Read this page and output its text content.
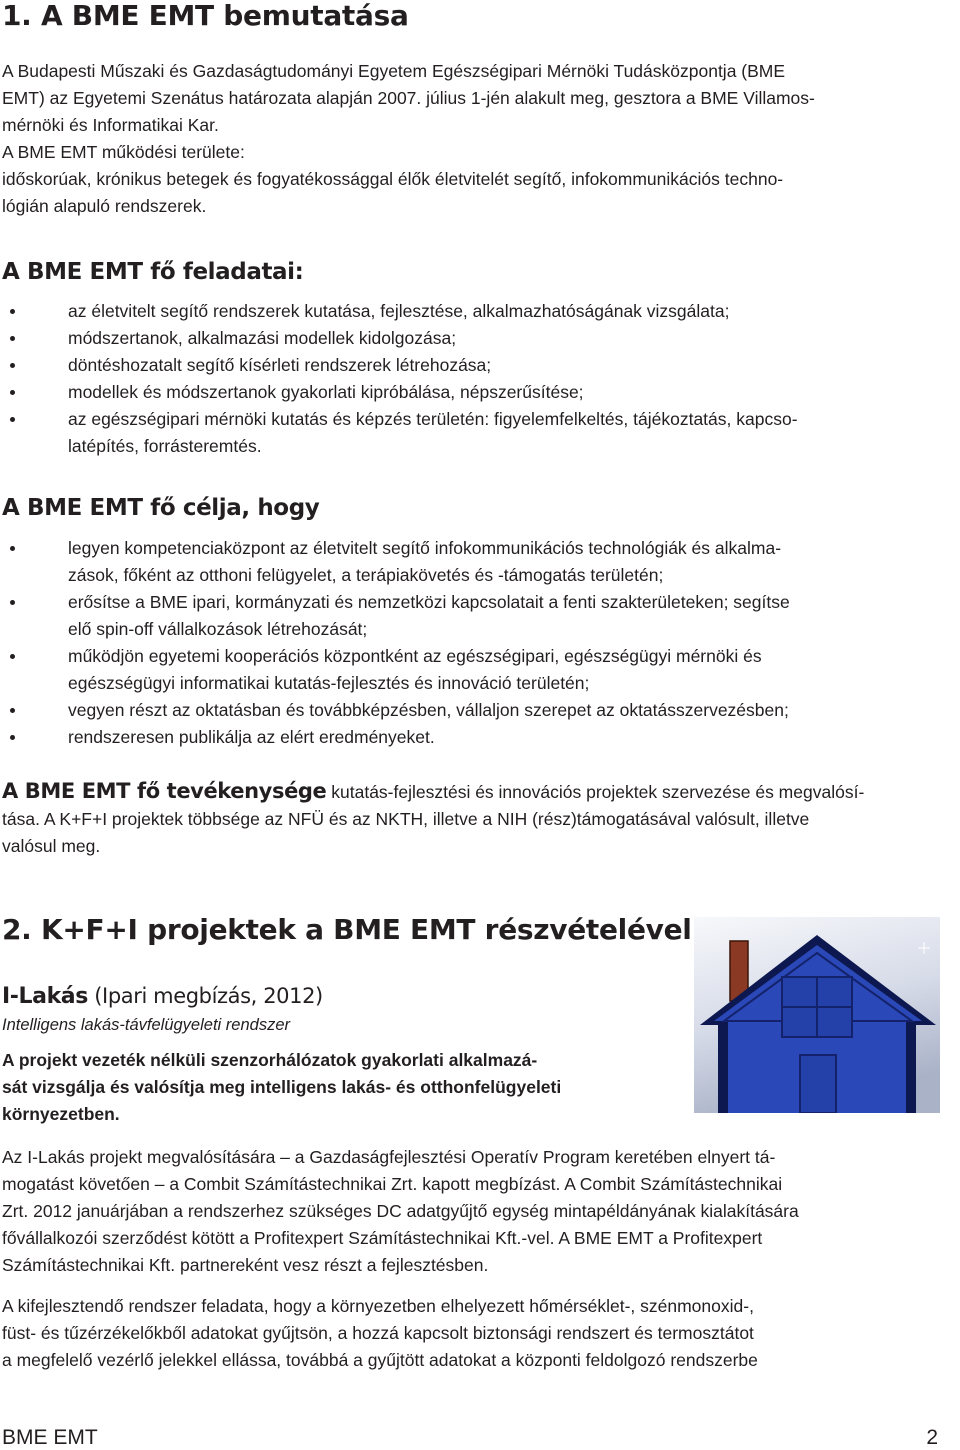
1. A BME EMT bemutatása

A Budapesti Műszaki és Gazdaságtudományi Egyetem Egészségipari Mérnöki Tudásközpontja (BME
EMT) az Egyetemi Szenátus határozata alapján 2007. július 1-jén alakult meg, gesztora a BME Villamos-
mérnöki és Informatikai Kar.
A BME EMT működési területe:
időskorúak, krónikus betegek és fogyatékossággal élők életvitelét segítő, infokommunikációs techno-
lógián alapuló rendszerek.

A BME EMT fő feladatai:
az életvitelt segítő rendszerek kutatása, fejlesztése, alkalmazhatóságának vizsgálata;
módszertanok, alkalmazási modellek kidolgozása;
döntéshozatalt segítő kísérleti rendszerek létrehozása;
modellek és módszertanok gyakorlati kipróbálása, népszerűsítése;
az egészségipari mérnöki kutatás és képzés területén: figyelemfelkeltés, tájékoztatás, kapcso-
latépítés, forrásteremtés.
A BME EMT fő célja, hogy
legyen kompetenciaközpont az életvitelt segítő infokommunikációs technológiák és alkalma-
zások, főként az otthoni felügyelet, a terápiakövetés és -támogatás területén;
erősítse a BME ipari, kormányzati és nemzetközi kapcsolatait a fenti szakterületeken; segítse
elő spin-off vállalkozások létrehozását;
működjön egyetemi kooperációs központként az egészségipari, egészségügyi mérnöki és
egészségügyi informatikai kutatás-fejlesztés és innováció területén;
vegyen részt az oktatásban és továbbképzésben, vállaljon szerepet az oktatásszervezésben;
rendszeresen publikálja az elért eredményeket.

A BME EMT fő tevékenysége kutatás-fejlesztési és innovációs projektek szervezése és megvalósí-
tása. A K+F+I projektek többsége az NFÜ és az NKTH, illetve a NIH (rész)támogatásával valósult, illetve
valósul meg.

2. K+F+I projektek a BME EMT részvételével

I-Lakás (Ipari megbízás, 2012)

Intelligens lakás-távfelügyeleti rendszer

A projekt vezeték nélküli szenzorhálózatok gyakorlati alkalmazá-
sát vizsgálja és valósítja meg intelligens lakás- és otthonfelügyeleti
környezetben.

Az I-Lakás projekt megvalósítására – a Gazdaságfejlesztési Operatív Program keretében elnyert tá-
mogatást követően – a Combit Számítástechnikai Zrt. kapott megbízást. A Combit Számítástechnikai
Zrt. 2012 januárjában a rendszerhez szükséges DC adatgyűjtő egység mintapéldányának kialakítására
fővállalkozói szerződést kötött a Profitexpert Számítástechnikai Kft.-vel. A BME EMT a Profitexpert
Számítástechnikai Kft. partnereként vesz részt a fejlesztésben.

A kifejlesztendő rendszer feladata, hogy a környezetben elhelyezett hőmérséklet-, szénmonoxid-,
füst- és tűzérzékelőkből adatokat gyűjtsön, a hozzá kapcsolt biztonsági rendszert és termosztátot
a megfelelő vezérlő jelekkel ellássa, továbbá a gyűjtött adatokat a központi feldolgozó rendszerbe

BME EMT	2
